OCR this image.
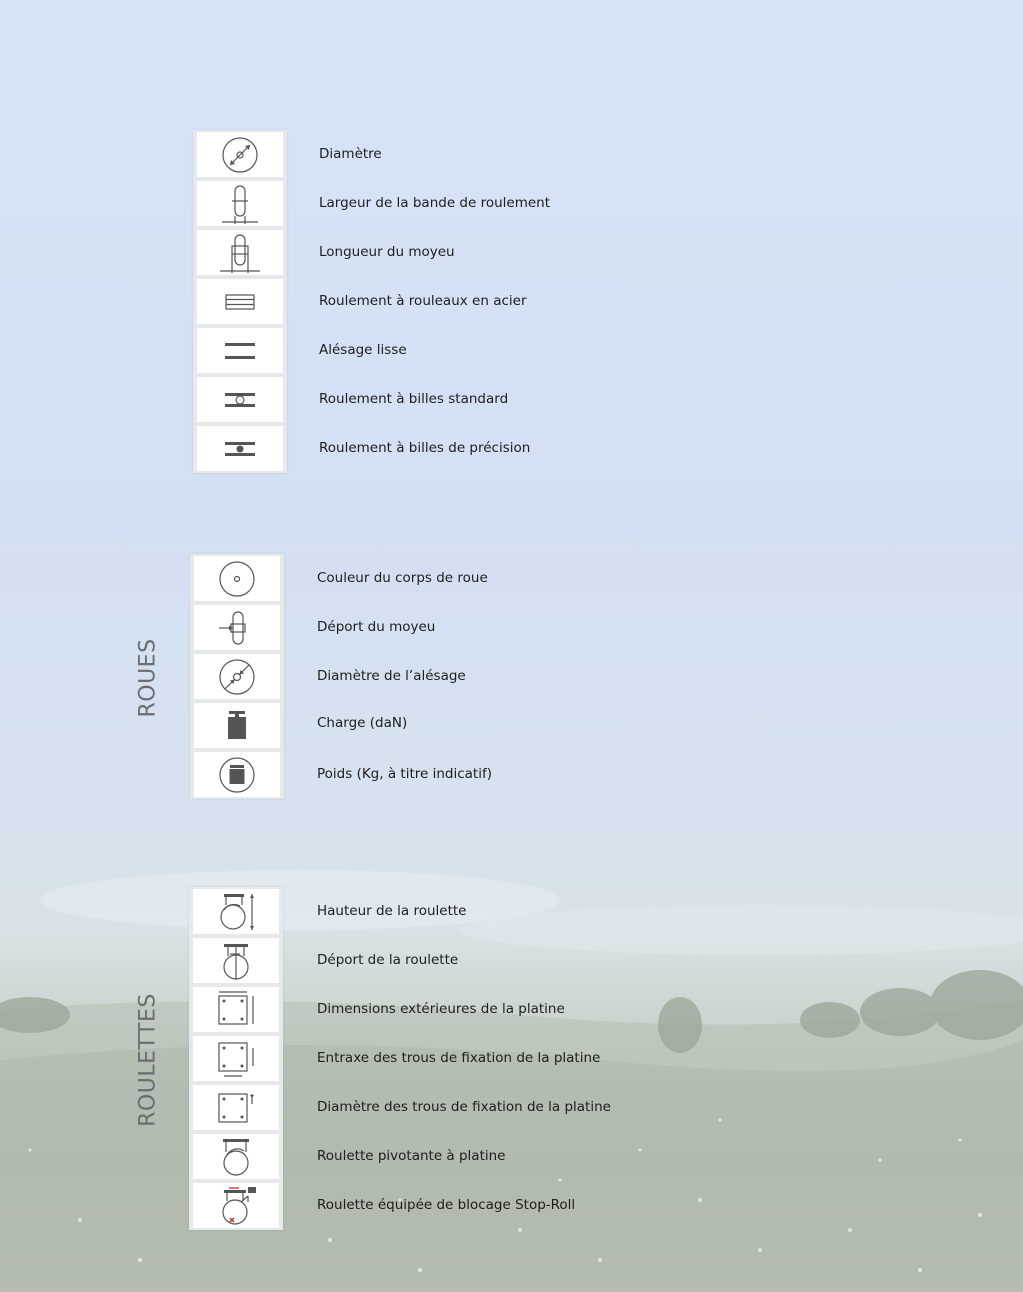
ROUES
ROULETTES
Diamètre
Largeur de la bande de roulement
Longueur du moyeu
Roulement à rouleaux en acier
Alésage lisse
Roulement à billes standard
Roulement à billes de précision
Couleur du corps de roue
Déport du moyeu
Diamètre de l’alésage
Charge (daN)
Poids (Kg, à titre indicatif)
Hauteur de la roulette
Déport de la roulette
Dimensions extérieures de la platine
Entraxe des trous de fixation de la platine
Diamètre des trous de fixation de la platine
Roulette pivotante à platine
Roulette équipée de blocage Stop-Roll
